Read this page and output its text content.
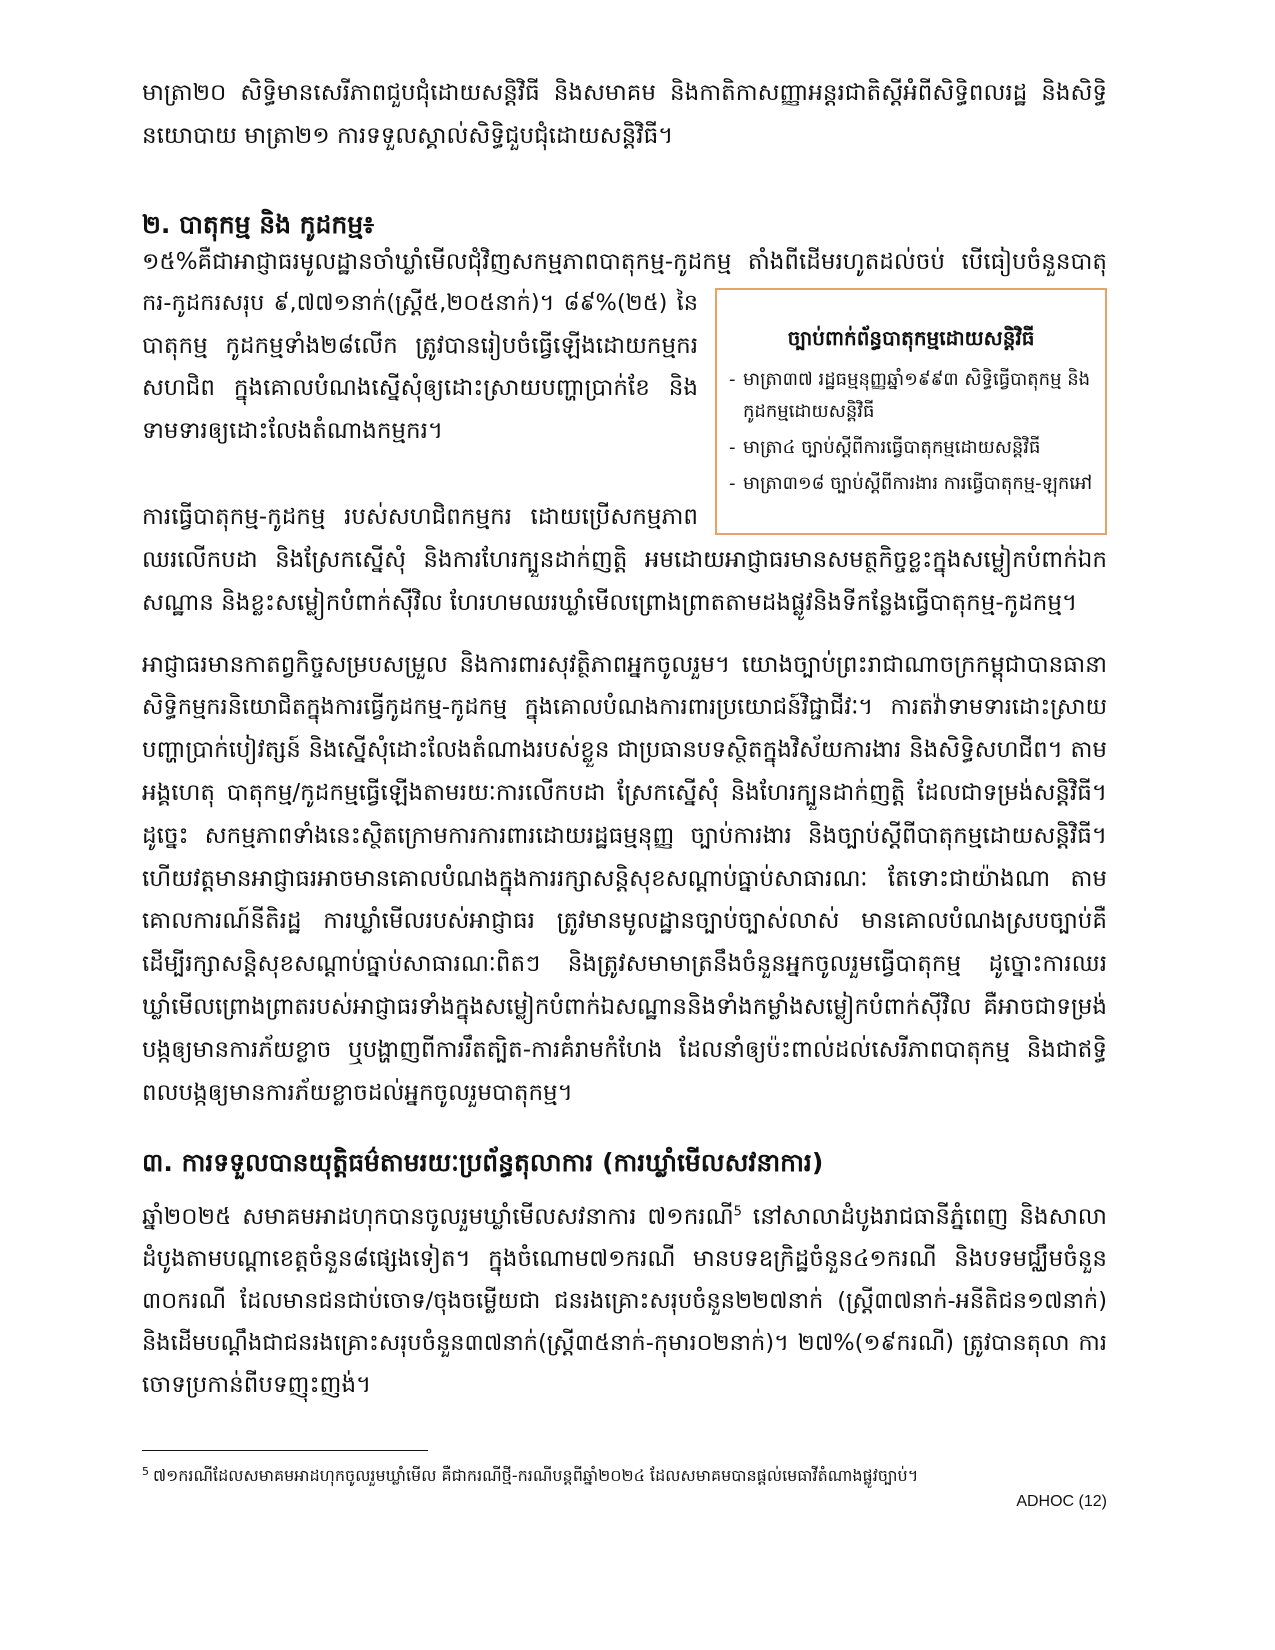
មាត្រា២០ សិទ្ធិមានសេរីភាពជួបជុំដោយសន្តិវិធី និងសមាគម និងកាតិកាសញ្ញាអន្តរជាតិស្តីអំពីសិទ្ធិពលរដ្ឋ និងសិទ្ធិ
នយោបាយ មាត្រា២១ ការទទួលស្គាល់សិទ្ធិជួបជុំដោយសន្តិវិធី។
២. បាតុកម្ម និង កូដកម្ម៖
១៥%គឺជាអាជ្ញាធរមូលដ្ឋានចាំឃ្លាំមើលជុំវិញសកម្មភាពបាតុកម្ម-កូដកម្ម តាំងពីដើមរហូតដល់ចប់ បើធៀបចំនួនបាតុ
ករ-កូដករសរុប ៩,៧៧១នាក់(ស្ត្រី៥,២០៥នាក់)។ ៨៩%(២៥) នៃ
បាតុកម្ម កូដកម្មទាំង២៨លើក ត្រូវបានរៀបចំធ្វើឡើងដោយកម្មករ
សហជិព ក្នុងគោលបំណងស្នើសុំឲ្យដោះស្រាយបញ្ហាប្រាក់ខែ និង
ទាមទារឲ្យដោះលែងតំណាងកម្មករ។
ច្បាប់ពាក់ព័ន្ធបាតុកម្មដោយសន្តិវិធី
- មាត្រា៣៧ រដ្ឋធម្មនុញ្ញឆ្នាំ១៩៩៣ សិទ្ធិធ្វើបាតុកម្ម និង
កូដកម្មដោយសន្តិវិធី
- មាត្រា៤ ច្បាប់ស្តីពីការធ្វើបាតុកម្មដោយសន្តិវិធី
- មាត្រា៣១៨ ច្បាប់ស្តីពីការងារ ការធ្វើបាតុកម្ម-ឡុកអៅ
ការធ្វើបាតុកម្ម-កូដកម្ម របស់សហជិពកម្មករ ដោយប្រើសកម្មភាព
ឈរលើកបដា និងស្រែកស្នើសុំ និងការហែរក្បួនដាក់ញត្តិ អមដោយអាជ្ញាធរមានសមត្ថកិច្ចខ្លះក្នុងសម្លៀកបំពាក់ឯក
សណ្ឋាន និងខ្លះសម្លៀកបំពាក់ស៊ីវិល ហែរហមឈរឃ្លាំមើលព្រោងព្រាតតាមដងផ្លូវនិងទីកន្លែងធ្វើបាតុកម្ម-កូដកម្ម។
អាជ្ញាធរមានកាតព្វកិច្ចសម្របសម្រួល និងការពារសុវត្ថិភាពអ្នកចូលរួម។ យោងច្បាប់ព្រះរាជាណាចក្រកម្ពុជាបានធានា
សិទ្ធិកម្មករនិយោជិតក្នុងការធ្វើកូដកម្ម-កូដកម្ម ក្នុងគោលបំណងការពារប្រយោជន៍វិជ្ជាជីវៈ។ ការតវ៉ាទាមទារដោះស្រាយ
បញ្ហាប្រាក់បៀវត្សន៍ និងស្នើសុំដោះលែងតំណាងរបស់ខ្លួន ជាប្រធានបទស្ថិតក្នុងវិស័យការងារ និងសិទ្ធិសហជីព។ តាម
អង្គហេតុ បាតុកម្ម/កូដកម្មធ្វើឡើងតាមរយៈការលើកបដា ស្រែកស្នើសុំ និងហែរក្បួនដាក់ញត្តិ ដែលជាទម្រង់សន្តិវិធី។
ដូច្នេះ សកម្មភាពទាំងនេះស្ថិតក្រោមការការពារដោយរដ្ឋធម្មនុញ្ញ ច្បាប់ការងារ និងច្បាប់ស្តីពីបាតុកម្មដោយសន្តិវិធី។
ហើយវត្តមានអាជ្ញាធរអាចមានគោលបំណងក្នុងការរក្សាសន្តិសុខសណ្តាប់ធ្នាប់សាធារណៈ តែទោះជាយ៉ាងណា តាម
គោលការណ៍នីតិរដ្ឋ ការឃ្លាំមើលរបស់អាជ្ញាធរ ត្រូវមានមូលដ្ឋានច្បាប់ច្បាស់លាស់ មានគោលបំណងស្របច្បាប់គឺ
ដើម្បីរក្សាសន្តិសុខសណ្តាប់ធ្នាប់សាធារណៈពិតៗ និងត្រូវសមាមាត្រនឹងចំនួនអ្នកចូលរួមធ្វើបាតុកម្ម ដូច្នោះការឈរ
ឃ្លាំមើលព្រោងព្រាតរបស់អាជ្ញាធរទាំងក្នុងសម្លៀកបំពាក់ឯសណ្ឋាននិងទាំងកម្លាំងសម្លៀកបំពាក់ស៊ីវិល គឺអាចជាទម្រង់
បង្កឲ្យមានការភ័យខ្លាច ឬបង្ហាញពីការរឹតត្បិត-ការគំរាមកំហែង ដែលនាំឲ្យប៉ះពាល់ដល់សេរីភាពបាតុកម្ម និងជាឥទ្ធិ
ពលបង្កឲ្យមានការភ័យខ្លាចដល់អ្នកចូលរួមបាតុកម្ម។
៣. ការទទួលបានយុត្តិធម៌តាមរយៈប្រព័ន្ធតុលាការ (ការឃ្លាំមើលសវនាការ)
ឆ្នាំ២០២៥ សមាគមអាដហុកបានចូលរួមឃ្លាំមើលសវនាការ ៧១ករណី$^5$ នៅសាលាដំបូងរាជធានីភ្នំពេញ និងសាលា
ដំបូងតាមបណ្តាខេត្តចំនួន៨ផ្សេងទៀត។ ក្នុងចំណោម៧១ករណី មានបទឧក្រិដ្ឋចំនួន៤១ករណី និងបទមជ្ឈឹមចំនួន
៣០ករណី ដែលមានជនជាប់ចោទ/ចុងចម្លើយជា ជនរងគ្រោះសរុបចំនួន២២៧នាក់ (ស្ត្រី៣៧នាក់-អនីតិជន១៧នាក់)
និងដើមបណ្តឹងជាជនរងគ្រោះសរុបចំនួន៣៧នាក់(ស្ត្រី៣៥នាក់-កុមារ០២នាក់)។ ២៧%(១៩ករណី) ត្រូវបានតុលា ការ
ចោទប្រកាន់ពីបទញុះញង់។
$^5$ ៧១ករណីដែលសមាគមអាដហុកចូលរួមឃ្លាំមើល គឺជាករណីថ្មី-ករណីបន្តពីឆ្នាំ២០២៤ ដែលសមាគមបានផ្តល់មេធាវីតំណាងផ្លូវច្បាប់។
ADHOC (12)
